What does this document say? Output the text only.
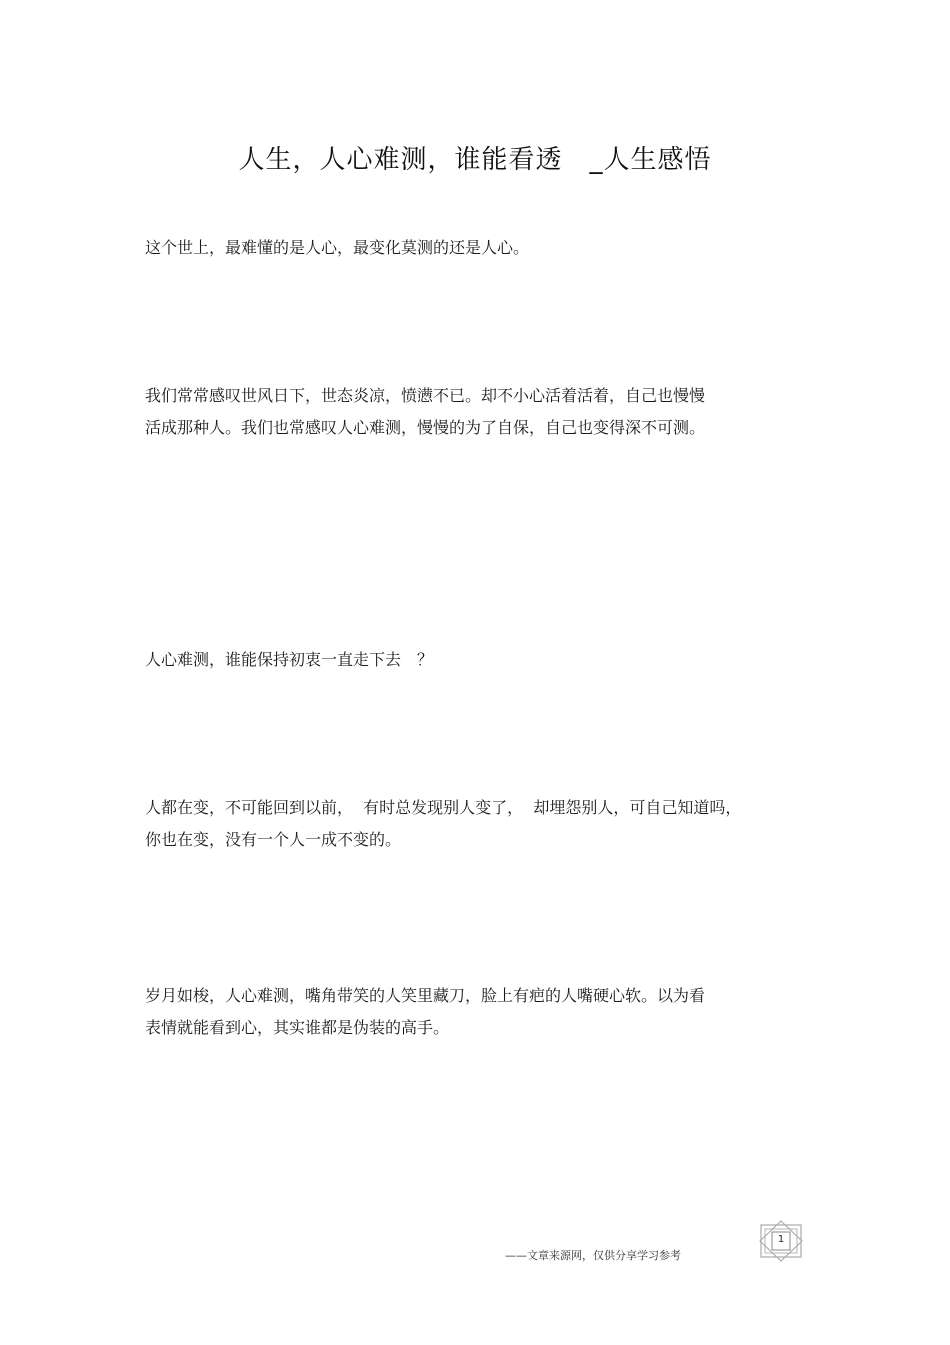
人生，人心难测，谁能看透　_人生感悟
这个世上，最难懂的是人心，最变化莫测的还是人心。
我们常常感叹世风日下，世态炎凉，愤懑不已。却不小心活着活着，自己也慢慢
活成那种人。我们也常感叹人心难测，慢慢的为了自保，自己也变得深不可测。
人心难测，谁能保持初衷一直走下去　？
人都在变，不可能回到以前，  有时总发现别人变了，  却埋怨别人，可自己知道吗，
你也在变，没有一个人一成不变的。
岁月如梭，人心难测，嘴角带笑的人笑里藏刀，脸上有疤的人嘴硬心软。以为看
表情就能看到心，其实谁都是伪装的高手。
——文章来源网，仅供分享学习参考
1
